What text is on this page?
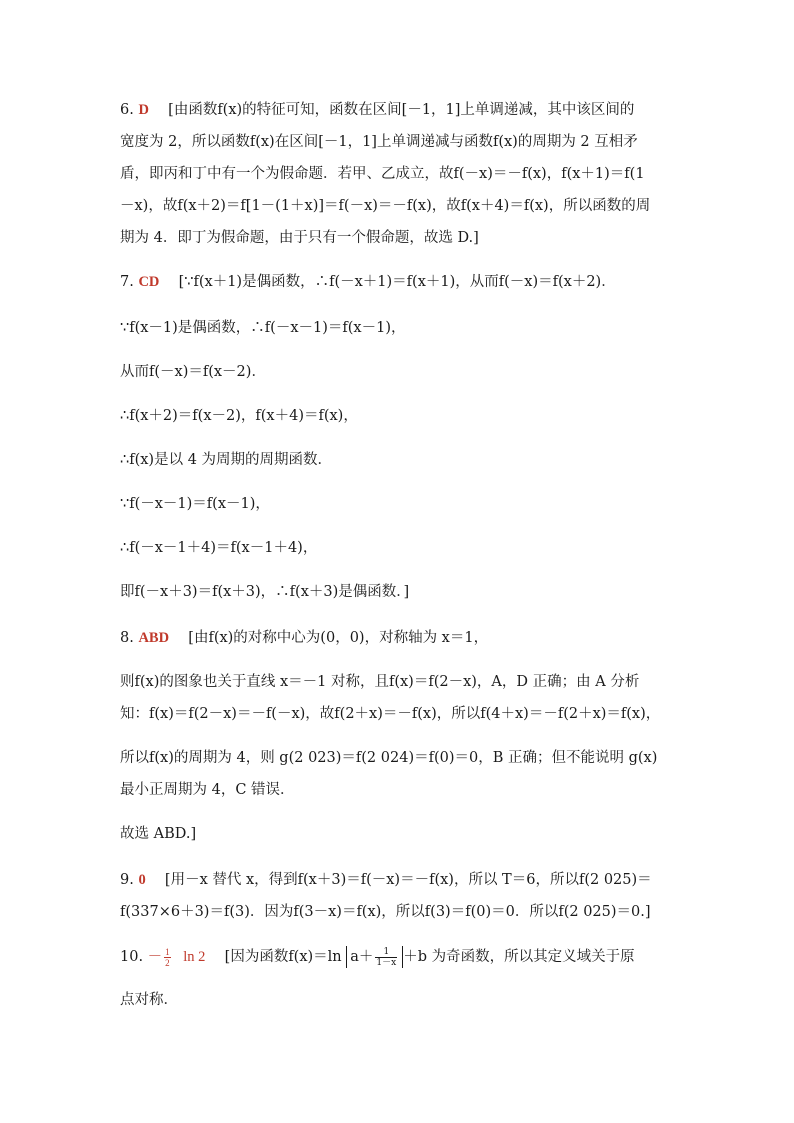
6. D [由函数f(x)的特征可知，函数在区间[－1，1]上单调递减，其中该区间的
宽度为 2，所以函数f(x)在区间[－1，1]上单调递减与函数f(x)的周期为 2 互相矛
盾，即丙和丁中有一个为假命题．若甲、乙成立，故f(－x)＝－f(x)，f(x＋1)＝f(1
－x)，故f(x＋2)＝f[1－(1＋x)]＝f(－x)＝－f(x)，故f(x＋4)＝f(x)，所以函数的周
期为 4．即丁为假命题，由于只有一个假命题，故选 D.]
7. CD [∵f(x＋1)是偶函数，∴f(－x＋1)＝f(x＋1)，从而f(－x)＝f(x＋2)．
∵f(x－1)是偶函数，∴f(－x－1)＝f(x－1)，
从而f(－x)＝f(x－2)．
∴f(x＋2)＝f(x－2)，f(x＋4)＝f(x)，
∴f(x)是以 4 为周期的周期函数．
∵f(－x－1)＝f(x－1)，
∴f(－x－1＋4)＝f(x－1＋4)，
即f(－x＋3)＝f(x＋3)，∴f(x＋3)是偶函数．]
8. ABD [由f(x)的对称中心为(0，0)，对称轴为 x＝1，
则f(x)的图象也关于直线 x＝－1 对称，且f(x)＝f(2－x)，A，D 正确；由 A 分析
知：f(x)＝f(2－x)＝－f(－x)，故f(2＋x)＝－f(x)，所以f(4＋x)＝－f(2＋x)＝f(x)，
所以f(x)的周期为 4，则 g(2 023)＝f(2 024)＝f(0)＝0，B 正确；但不能说明 g(x)
最小正周期为 4，C 错误．
故选 ABD.]
9. 0 [用－x 替代 x，得到f(x＋3)＝f(－x)＝－f(x)，所以 T＝6，所以f(2 025)＝
f(337×6＋3)＝f(3)．因为f(3－x)＝f(x)，所以f(3)＝f(0)＝0．所以f(2 025)＝0.]
10. － $\frac{1}{2}$ ln 2 [因为函数f(x)＝ln $a+ \frac{1}{1-x} +b$ 为奇函数，所以其定义域关于原
点对称．
